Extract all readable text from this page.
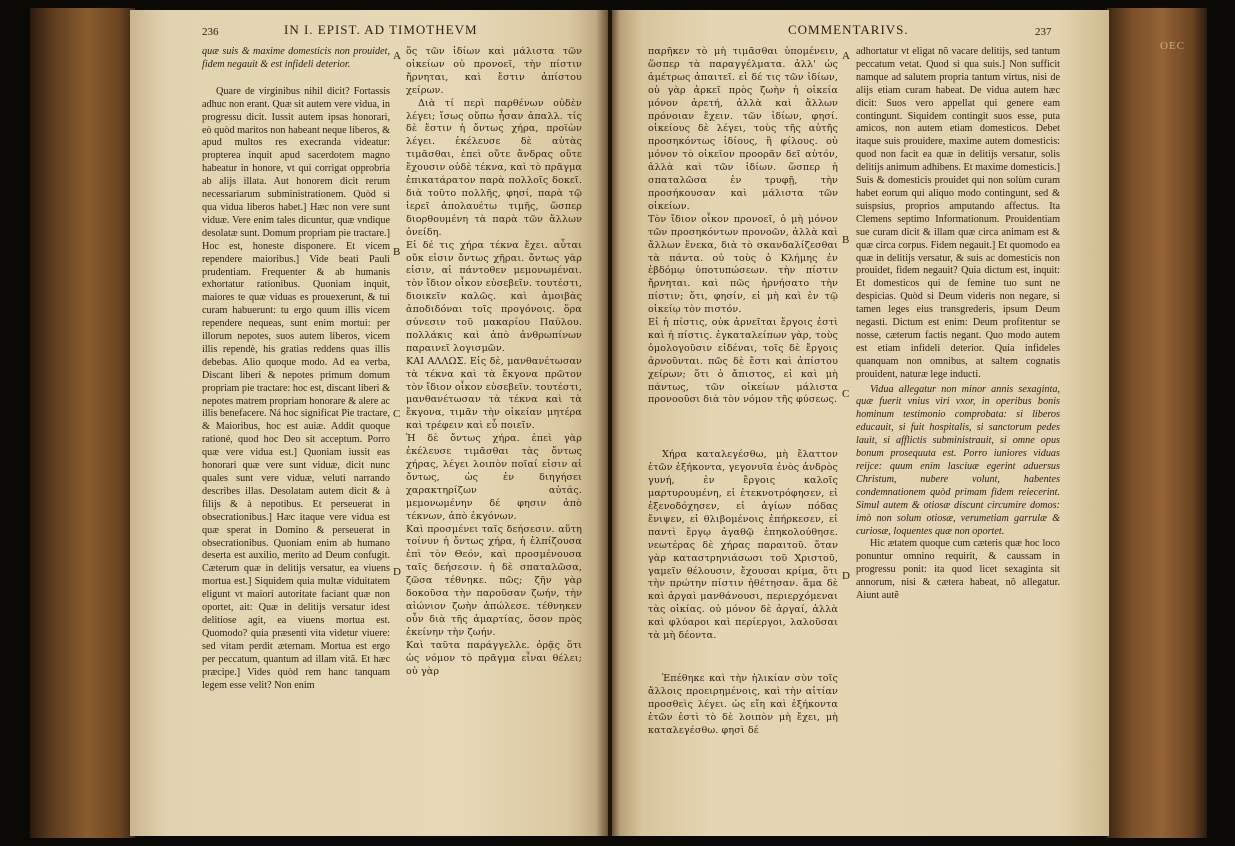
OEC
236	IN I. EPIST. AD TIMOTHEVM

quæ suis & maxime domesticis non prouidet, fidem negauit & est infideli deterior.

Quare de virginibus nihil dicit? Fortassis adhuc non erant. Quæ sit autem vere vidua, in progressu dicit. Iussit autem ipsas honorari, eò quòd maritos non habeant neque liberos, & apud multos res execranda videatur: propterea inquit apud sacerdotem magno habeatur in honore, vt qui corrigat opprobria ab alijs illata. Aut honorem dicit rerum necessariarum subministrationem. Quòd si qua vidua liberos habet.] Hæc non vere sunt viduæ. Vere enim tales dicuntur, quæ vndique desolatæ sunt. Domum propriam pie tractare.] Hoc est, honeste disponere. Et vicem rependere maioribus.] Vide beati Pauli prudentiam. Frequenter & ab humanis exhortatur rationibus. Quoniam inquit, maiores te quæ viduas es prouexerunt, & tui curam habuerunt: tu ergo quum illis vicem rependere nequeas, sunt enim mortui: per illorum nepotes, suos autem liberos, vicem illis rependè, his gratias reddens quas illis debebas. Alio quoque modo. Ad ea verba, Discant liberi & nepotes primum domum propriam pie tractare: hoc est, discant liberi & nepotes matrem propriam honorare & alere ac illis benefacere. Ná hoc significat Pie tractare, & Maioribus, hoc est auiæ. Addit quoque rationé, quod hoc Deo sit acceptum. Porro quæ vere vidua est.] Quoniam iussit eas honorari quæ vere sunt viduæ, dicit nunc quales sunt vere viduæ, veluti narrando describes illas. Desolatam autem dicit & à filijs & à nepotibus. Et perseuerat in obsecrationibus.] Hæc itaque vere vidua est quæ sperat in Domino & perseuerat in obsecrationibus. Quoniam enim ab humano deserta est auxilio, merito ad Deum confugit. Cæterum quæ in delitijs versatur, ea viuens mortua est.] Siquidem quia multæ viduitatem eligunt vt maiori autoritate faciant quæ non oportet, ait: Quæ in delitijs versatur idest delitiose agit, ea viuens mortua est. Quomodo? quia præsenti vita videtur viuere: sed vitam perdit æternam. Mortua est ergo per peccatum, quantum ad illam vitã. Et hæc præcipe.] Vides quòd rem hanc tanquam legem esse velit? Non enim

A
B
C
D

ὅς τῶν ἰδίων καὶ μάλιστα τῶν οἰκείων οὐ προνοεῖ, τὴν πίστιν ἤρνηται, καὶ ἔστιν ἀπίστου χείρων.

Διὰ τί περὶ παρθένων οὐδὲν λέγει; ἴσως οὔπω ἦσαν ἀπαλλ. τίς δὲ ἔστιν ἡ ὄντως χήρα, προϊὼν λέγει. ἐκέλευσε δὲ αὐτὰς τιμᾶσθαι, ἐπεὶ οὔτε ἄνδρας οὔτε ἔχουσιν οὐδὲ τέκνα, καὶ τὸ πρᾶγμα ἐπικατάρατον παρὰ πολλοῖς δοκεῖ. διὰ τοῦτο πολλῆς, φησί, παρὰ τῷ ἱερεῖ ἀπολαυέτω τιμῆς, ὥσπερ διορθουμένη τὰ παρὰ τῶν ἄλλων ὀνείδη.

Εἰ δέ τις χήρα τέκνα ἔχει. αὗται οὔκ εἰσιν ὄντως χῆραι. ὄντως γὰρ εἰσιν, αἱ πάντοθεν μεμονωμέναι. τὸν ἴδιον οἶκον εὐσεβεῖν. τουτέστι, διοικεῖν καλῶς. καὶ ἀμοιβὰς ἀποδιδόναι τοῖς προγόνοις. ὅρα σύνεσιν τοῦ μακαρίου Παύλου. πολλάκις καὶ ἀπὸ ἀνθρωπίνων παραινεῖ λογισμῶν.

ΚΑΙ ΑΛΛΩΣ. Εἰς δὲ, μανθανέτωσαν τὰ τέκνα καὶ τὰ ἔκγονα πρῶτον τὸν ἴδιον οἶκον εὐσεβεῖν. τουτέστι, μανθανέτωσαν τὰ τέκνα καὶ τὰ ἔκγονα, τιμᾶν τὴν οἰκείαν μητέρα καὶ τρέφειν καὶ εὖ ποιεῖν.

Ἡ δὲ ὄντως χήρα. ἐπεὶ γὰρ ἐκέλευσε τιμᾶσθαι τὰς ὄντως χήρας, λέγει λοιπὸν ποῖαί εἰσιν αἱ ὄντως, ὡς ἐν διηγήσει χαρακτηρίζων αὐτάς. μεμονωμένην δέ φησιν ἀπὸ τέκνων, ἀπὸ ἐκγόνων.

Καὶ προσμένει ταῖς δεήσεσιν. αὕτη τοίνυν ἡ ὄντως χήρα, ἡ ἐλπίζουσα ἐπὶ τὸν Θεόν, καὶ προσμένουσα ταῖς δεήσεσιν. ἡ δὲ σπαταλῶσα, ζῶσα τέθνηκε. πῶς; ζῆν γὰρ δοκοῦσα τὴν παροῦσαν ζωήν, τὴν αἰώνιον ζωὴν ἀπώλεσε. τέθνηκεν οὖν διὰ τῆς ἁμαρτίας, ὅσον πρὸς ἐκείνην τὴν ζωήν.

Καὶ ταῦτα παράγγελλε. ὁρᾷς ὅτι ὡς νόμον τὸ πρᾶγμα εἶναι θέλει; οὐ γὰρ

COMMENTARIVS.	237

παρῆκεν τὸ μὴ τιμᾶσθαι ὑπομένειν, ὥσπερ τὰ παραγγέλματα. ἀλλ' ὡς ἀμέτρως ἀπαιτεῖ. εἰ δέ τις τῶν ἰδίων, οὐ γὰρ ἀρκεῖ πρὸς ζωὴν ἡ οἰκεία μόνον ἀρετή, ἀλλὰ καὶ ἄλλων πρόνοιαν ἔχειν. τῶν ἰδίων, φησί. οἰκείους δὲ λέγει, τοὺς τῆς αὐτῆς προσηκόντως ἰδίους, ἢ φίλους. οὐ μόνον τὸ οἰκεῖον προορᾶν δεῖ αὐτόν, ἀλλὰ καὶ τῶν ἰδίων. ὥσπερ ἡ σπαταλῶσα ἐν τρυφῇ, τὴν προσήκουσαν καὶ μάλιστα τῶν οἰκείων.

Τὸν ἴδιον οἶκον προνοεῖ, ὁ μὴ μόνον τῶν προσηκόντων προνοῶν, ἀλλὰ καὶ ἄλλων ἕνεκα, διὰ τὸ σκανδαλίζεσθαι τὰ πάντα. οὐ τοὺς ὁ Κλήμης ἐν ἑβδόμῳ ὑποτυπώσεων. τὴν πίστιν ἤρνηται. καὶ πῶς ἠρνήσατο τὴν πίστιν; ὅτι, φησίν, εἰ μὴ καὶ ἐν τῷ οἰκείῳ τὸν πιστόν.

Εἰ ἡ πίστις, οὐκ ἀρνεῖται ἔργοις ἐστὶ καὶ ἡ πίστις. ἐγκαταλείπων γὰρ, τοὺς ὁμολογοῦσιν εἰδέναι, τοῖς δὲ ἔργοις ἀρνοῦνται. πῶς δὲ ἔστι καὶ ἀπίστου χείρων; ὅτι ὁ ἄπιστος, εἰ καὶ μὴ πάντως, τῶν οἰκείων μάλιστα προνοοῦσι διὰ τὸν νόμον τῆς φύσεως.

Χήρα καταλεγέσθω, μὴ ἔλαττον ἐτῶν ἑξήκοντα, γεγονυῖα ἑνὸς ἀνδρὸς γυνή, ἐν ἔργοις καλοῖς μαρτυρουμένη, εἰ ἐτεκνοτρόφησεν, εἰ ἐξενοδόχησεν, εἰ ἁγίων πόδας ἔνιψεν, εἰ θλιβομένοις ἐπήρκεσεν, εἰ παντὶ ἔργῳ ἀγαθῷ ἐπηκολούθησε. νεωτέρας δὲ χήρας παραιτοῦ. ὅταν γὰρ καταστρηνιάσωσι τοῦ Χριστοῦ, γαμεῖν θέλουσιν, ἔχουσαι κρίμα, ὅτι τὴν πρώτην πίστιν ἠθέτησαν. ἅμα δὲ καὶ ἀργαὶ μανθάνουσι, περιερχόμεναι τὰς οἰκίας. οὐ μόνον δὲ ἀργαί, ἀλλὰ καὶ φλύαροι καὶ περίεργοι, λαλοῦσαι τὰ μὴ δέοντα.

Ἐπέθηκε καὶ τὴν ἡλικίαν σὺν τοῖς ἄλλοις προειρημένοις, καὶ τὴν αἰτίαν προσθεὶς λέγει. ὡς εἴη καὶ ἑξήκοντα ἐτῶν ἐστὶ τὸ δὲ λοιπὸν μὴ ἔχει, μὴ καταλεγέσθω. φησὶ δέ

A
B
C
D

adhortatur vt eligat nõ vacare delitijs, sed tantum peccatum vetat. Quod si qua suis.] Non sufficit namque ad salutem propria tantum virtus, nisi de alijs etiam curam habeat. De vidua autem hæc dicit: Suos vero appellat qui genere eam contingunt. Siquidem contingit suos esse, puta amicos, non autem etiam domesticos. Debet itaque suis prouidere, maxime autem domesticis: quod non facit ea quæ in delitijs versatur, solis delitijs animum adhibens. Et maxime domesticis.] Suis & domesticis prouidet qui non solùm curam habet eorum qui aliquo modo contingunt, sed & suispsius, proprios amputando affectus. Ita Clemens septimo Informationum. Prouidentiam sue curam dicit & illam quæ circa animam est & quæ circa corpus. Fidem negauit.] Et quomodo ea quæ in delitijs versatur, & suis ac domesticis non prouidet, fidem negauit? Quia dictum est, inquit: Et domesticos qui de femine tuo sunt ne despicias. Quòd si Deum videris non negare, si tamen leges eius transgrederis, ipsum Deum negasti. Dictum est enim: Deum profitentur se nosse, cæterum factis negant. Quo modo autem est etiam infideli deterior. Quia infideles quanquam non omnibus, at saltem cognatis prouident, naturæ lege inducti.

Vidua allegatur non minor annis sexaginta, quæ fuerit vnius viri vxor, in operibus bonis hominum testimonio comprobata: si liberos educauit, si fuit hospitalis, si sanctorum pedes lauit, si afflictis subministrauit, si omne opus bonum prosequuta est. Porro iuniores viduas reijce: quum enim lasciuæ egerint aduersus Christum, nubere volunt, habentes condemnationem quòd primam fidem reiecerint. Simul autem & otiosæ discunt circumire domos: imò non solum otiosæ, verumetiam garrulæ & curiosæ, loquentes quæ non oportet.

Hic ætatem quoque cum cæteris quæ hoc loco ponuntur omnino requirit, & caussam in progressu ponit: ita quod licet sexaginta sit annorum, nisi & cætera habeat, nõ allegatur. Aiunt autẽ
